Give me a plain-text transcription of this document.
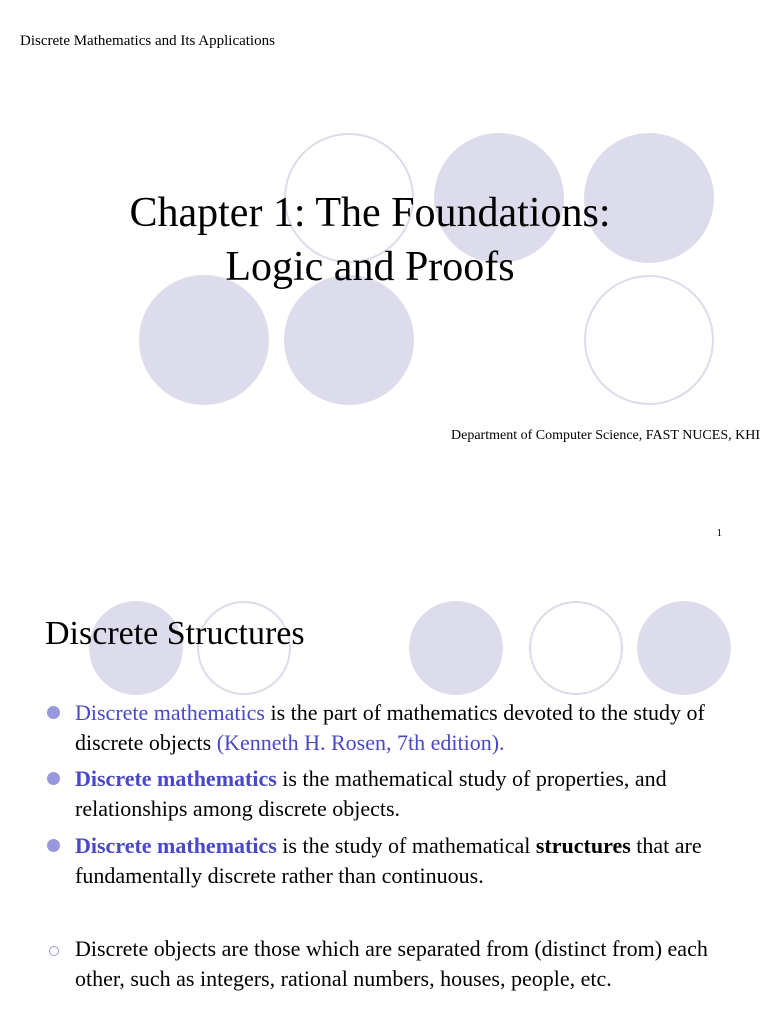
Discrete Mathematics and Its Applications
Chapter 1: The Foundations:
Logic and Proofs
Department of Computer Science, FAST NUCES, KHI
1
Discrete Structures
Discrete mathematics is the part of mathematics devoted to the study of discrete objects (Kenneth H. Rosen, 7th edition).
Discrete mathematics is the mathematical study of properties, and relationships among discrete objects.
Discrete mathematics is the study of mathematical structures that are fundamentally discrete rather than continuous.
Discrete objects are those which are separated from (distinct from) each other, such as integers, rational numbers, houses, people, etc.
